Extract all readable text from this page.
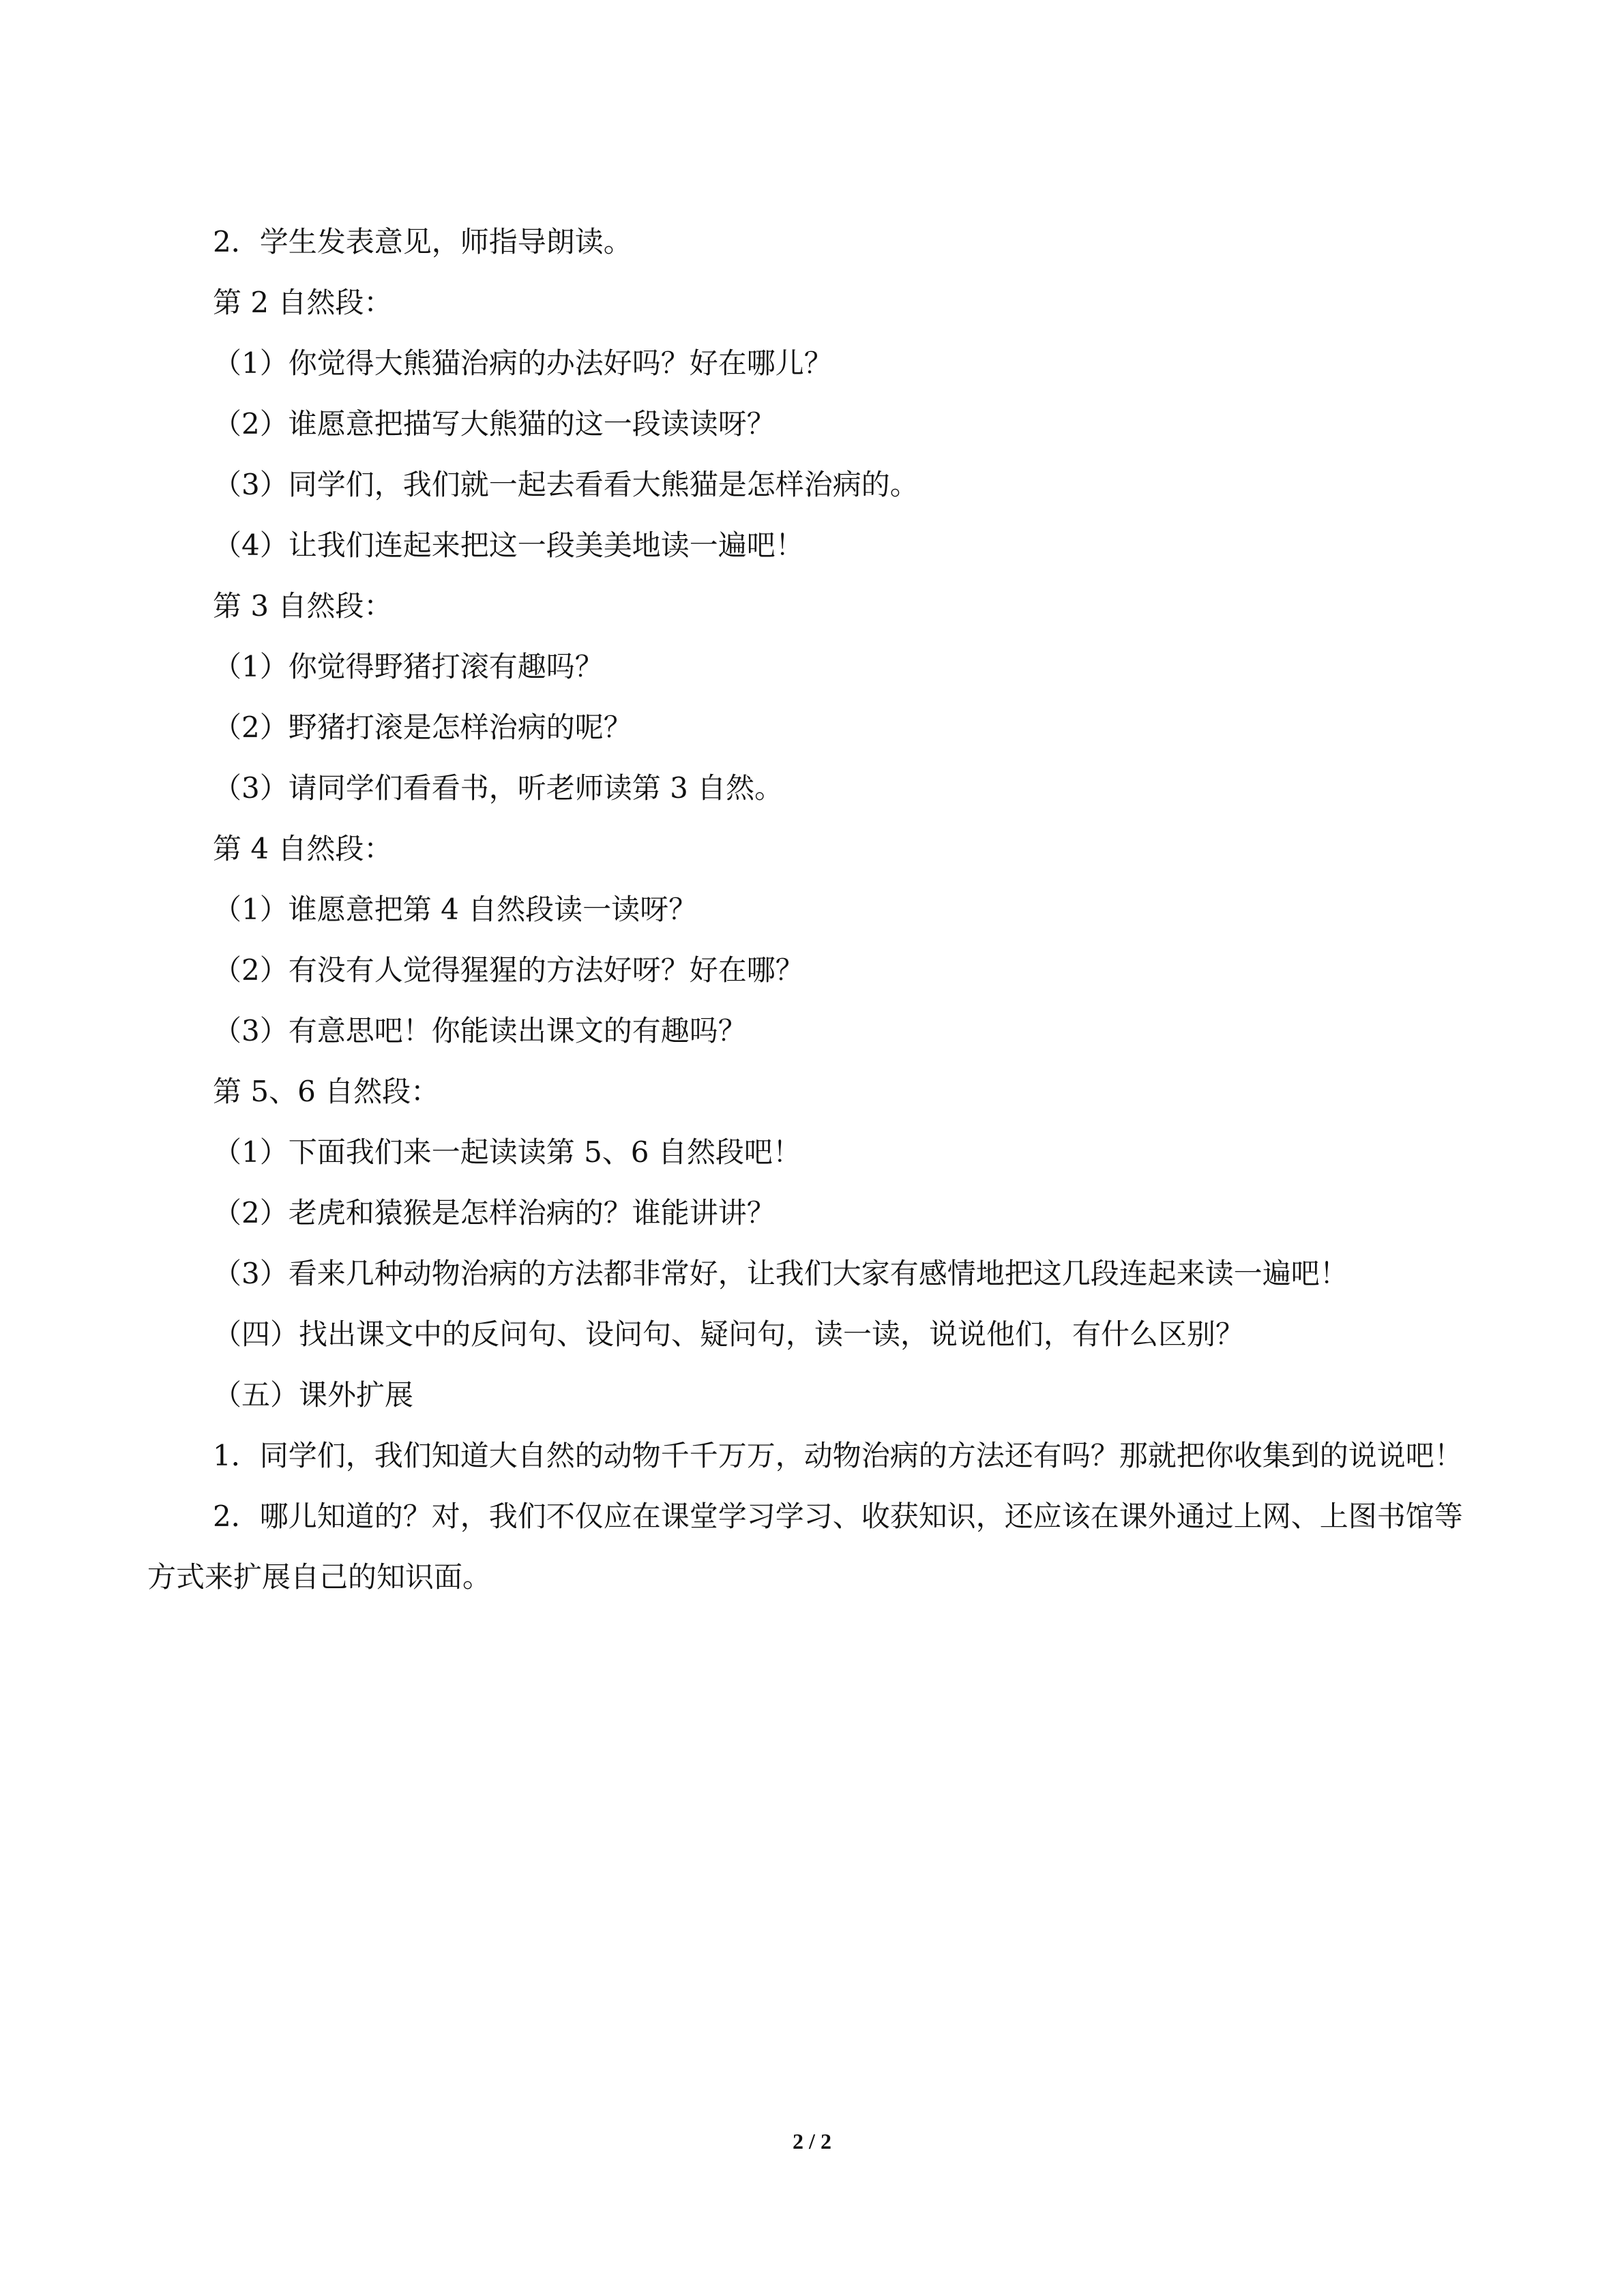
2．学生发表意见，师指导朗读。

第 2 自然段：

（1）你觉得大熊猫治病的办法好吗？好在哪儿？

（2）谁愿意把描写大熊猫的这一段读读呀？

（3）同学们，我们就一起去看看大熊猫是怎样治病的。

（4）让我们连起来把这一段美美地读一遍吧！

第 3 自然段：

（1）你觉得野猪打滚有趣吗？

（2）野猪打滚是怎样治病的呢？

（3）请同学们看看书，听老师读第 3 自然。

第 4 自然段：

（1）谁愿意把第 4 自然段读一读呀？

（2）有没有人觉得猩猩的方法好呀？好在哪？

（3）有意思吧！你能读出课文的有趣吗？

第 5、6 自然段：

（1）下面我们来一起读读第 5、6 自然段吧！

（2）老虎和猿猴是怎样治病的？谁能讲讲？

（3）看来几种动物治病的方法都非常好，让我们大家有感情地把这几段连起来读一遍吧！

（四）找出课文中的反问句、设问句、疑问句，读一读，说说他们，有什么区别？

（五）课外扩展

1．同学们，我们知道大自然的动物千千万万，动物治病的方法还有吗？那就把你收集到的说说吧！

2．哪儿知道的？对，我们不仅应在课堂学习学习、收获知识，还应该在课外通过上网、上图书馆等方式来扩展自己的知识面。

2 / 2
